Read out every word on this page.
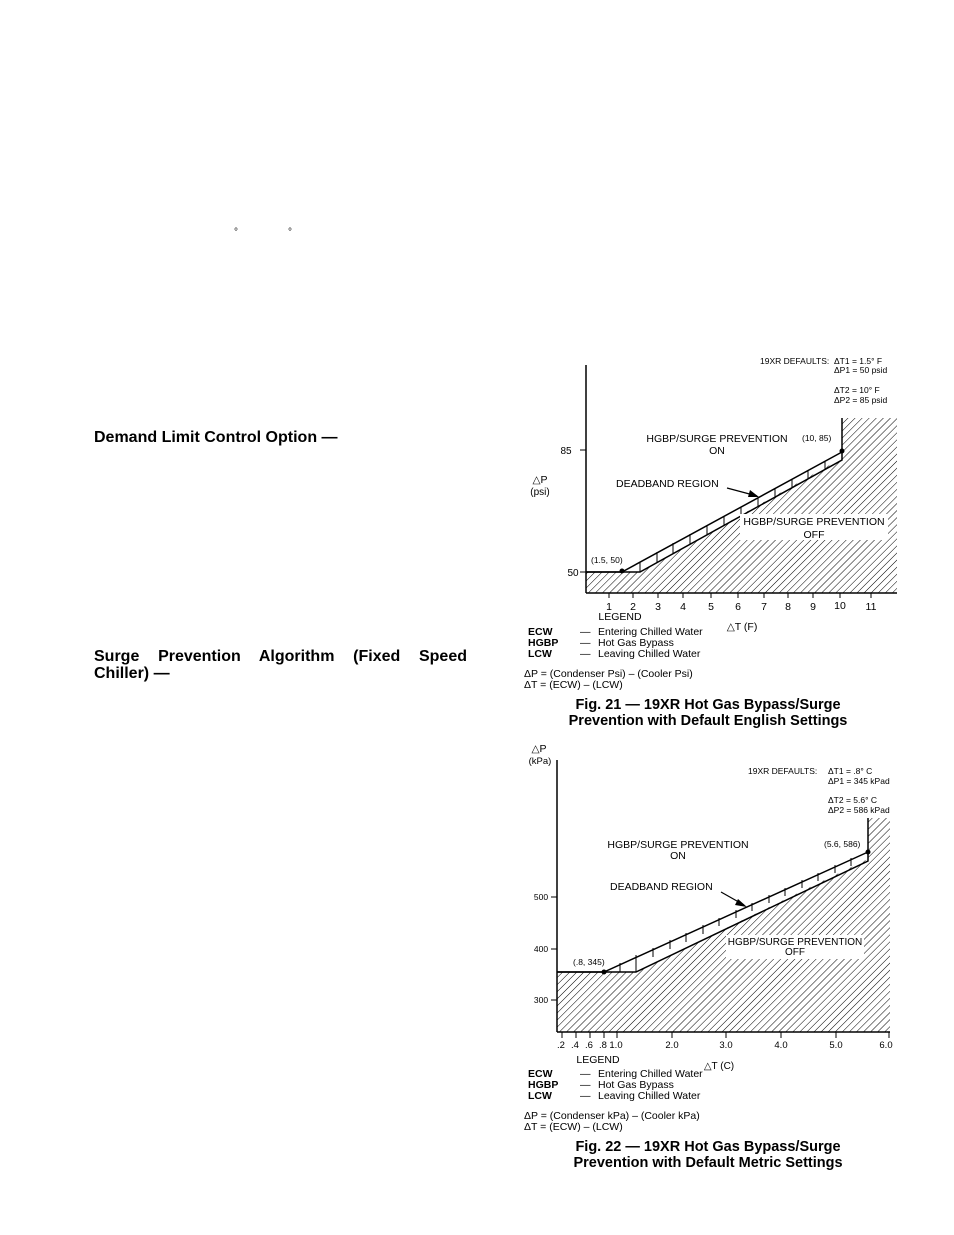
°	°
Demand Limit Control Option —
Surge Prevention Algorithm (Fixed Speed
Chiller) —
19XR DEFAULTS: ΔT1 = 1.5° F
ΔP1 = 50 psid
ΔT2 = 10° F
ΔP2 = 85 psid
HGBP/SURGE PREVENTION
ON
(10, 85)
DEADBAND REGION
HGBP/SURGE PREVENTION
OFF
(1.5, 50)
△P
(psi)
85
50
1 2 3 4 5 6 7 8 9 10 11
LEGEND
△T (F)
ECW	— Entering Chilled Water
HGBP	— Hot Gas Bypass
LCW	— Leaving Chilled Water
ΔP = (Condenser Psi) – (Cooler Psi)
ΔT = (ECW) – (LCW)
Fig. 21 — 19XR Hot Gas Bypass/Surge
Prevention with Default English Settings
△P
(kPa)
19XR DEFAULTS: ΔT1 = .8° C
ΔP1 = 345 kPad
ΔT2 = 5.6° C
ΔP2 = 586 kPad
HGBP/SURGE PREVENTION
ON
(5.6, 586)
DEADBAND REGION
HGBP/SURGE PREVENTION
OFF
(.8, 345)
500
400
300
.2 .4 .6 .8 1.0	2.0	3.0	4.0	5.0	6.0
LEGEND
△T (C)
ECW	— Entering Chilled Water
HGBP	— Hot Gas Bypass
LCW	— Leaving Chilled Water
ΔP = (Condenser kPa) – (Cooler kPa)
ΔT = (ECW) – (LCW)
Fig. 22 — 19XR Hot Gas Bypass/Surge
Prevention with Default Metric Settings
